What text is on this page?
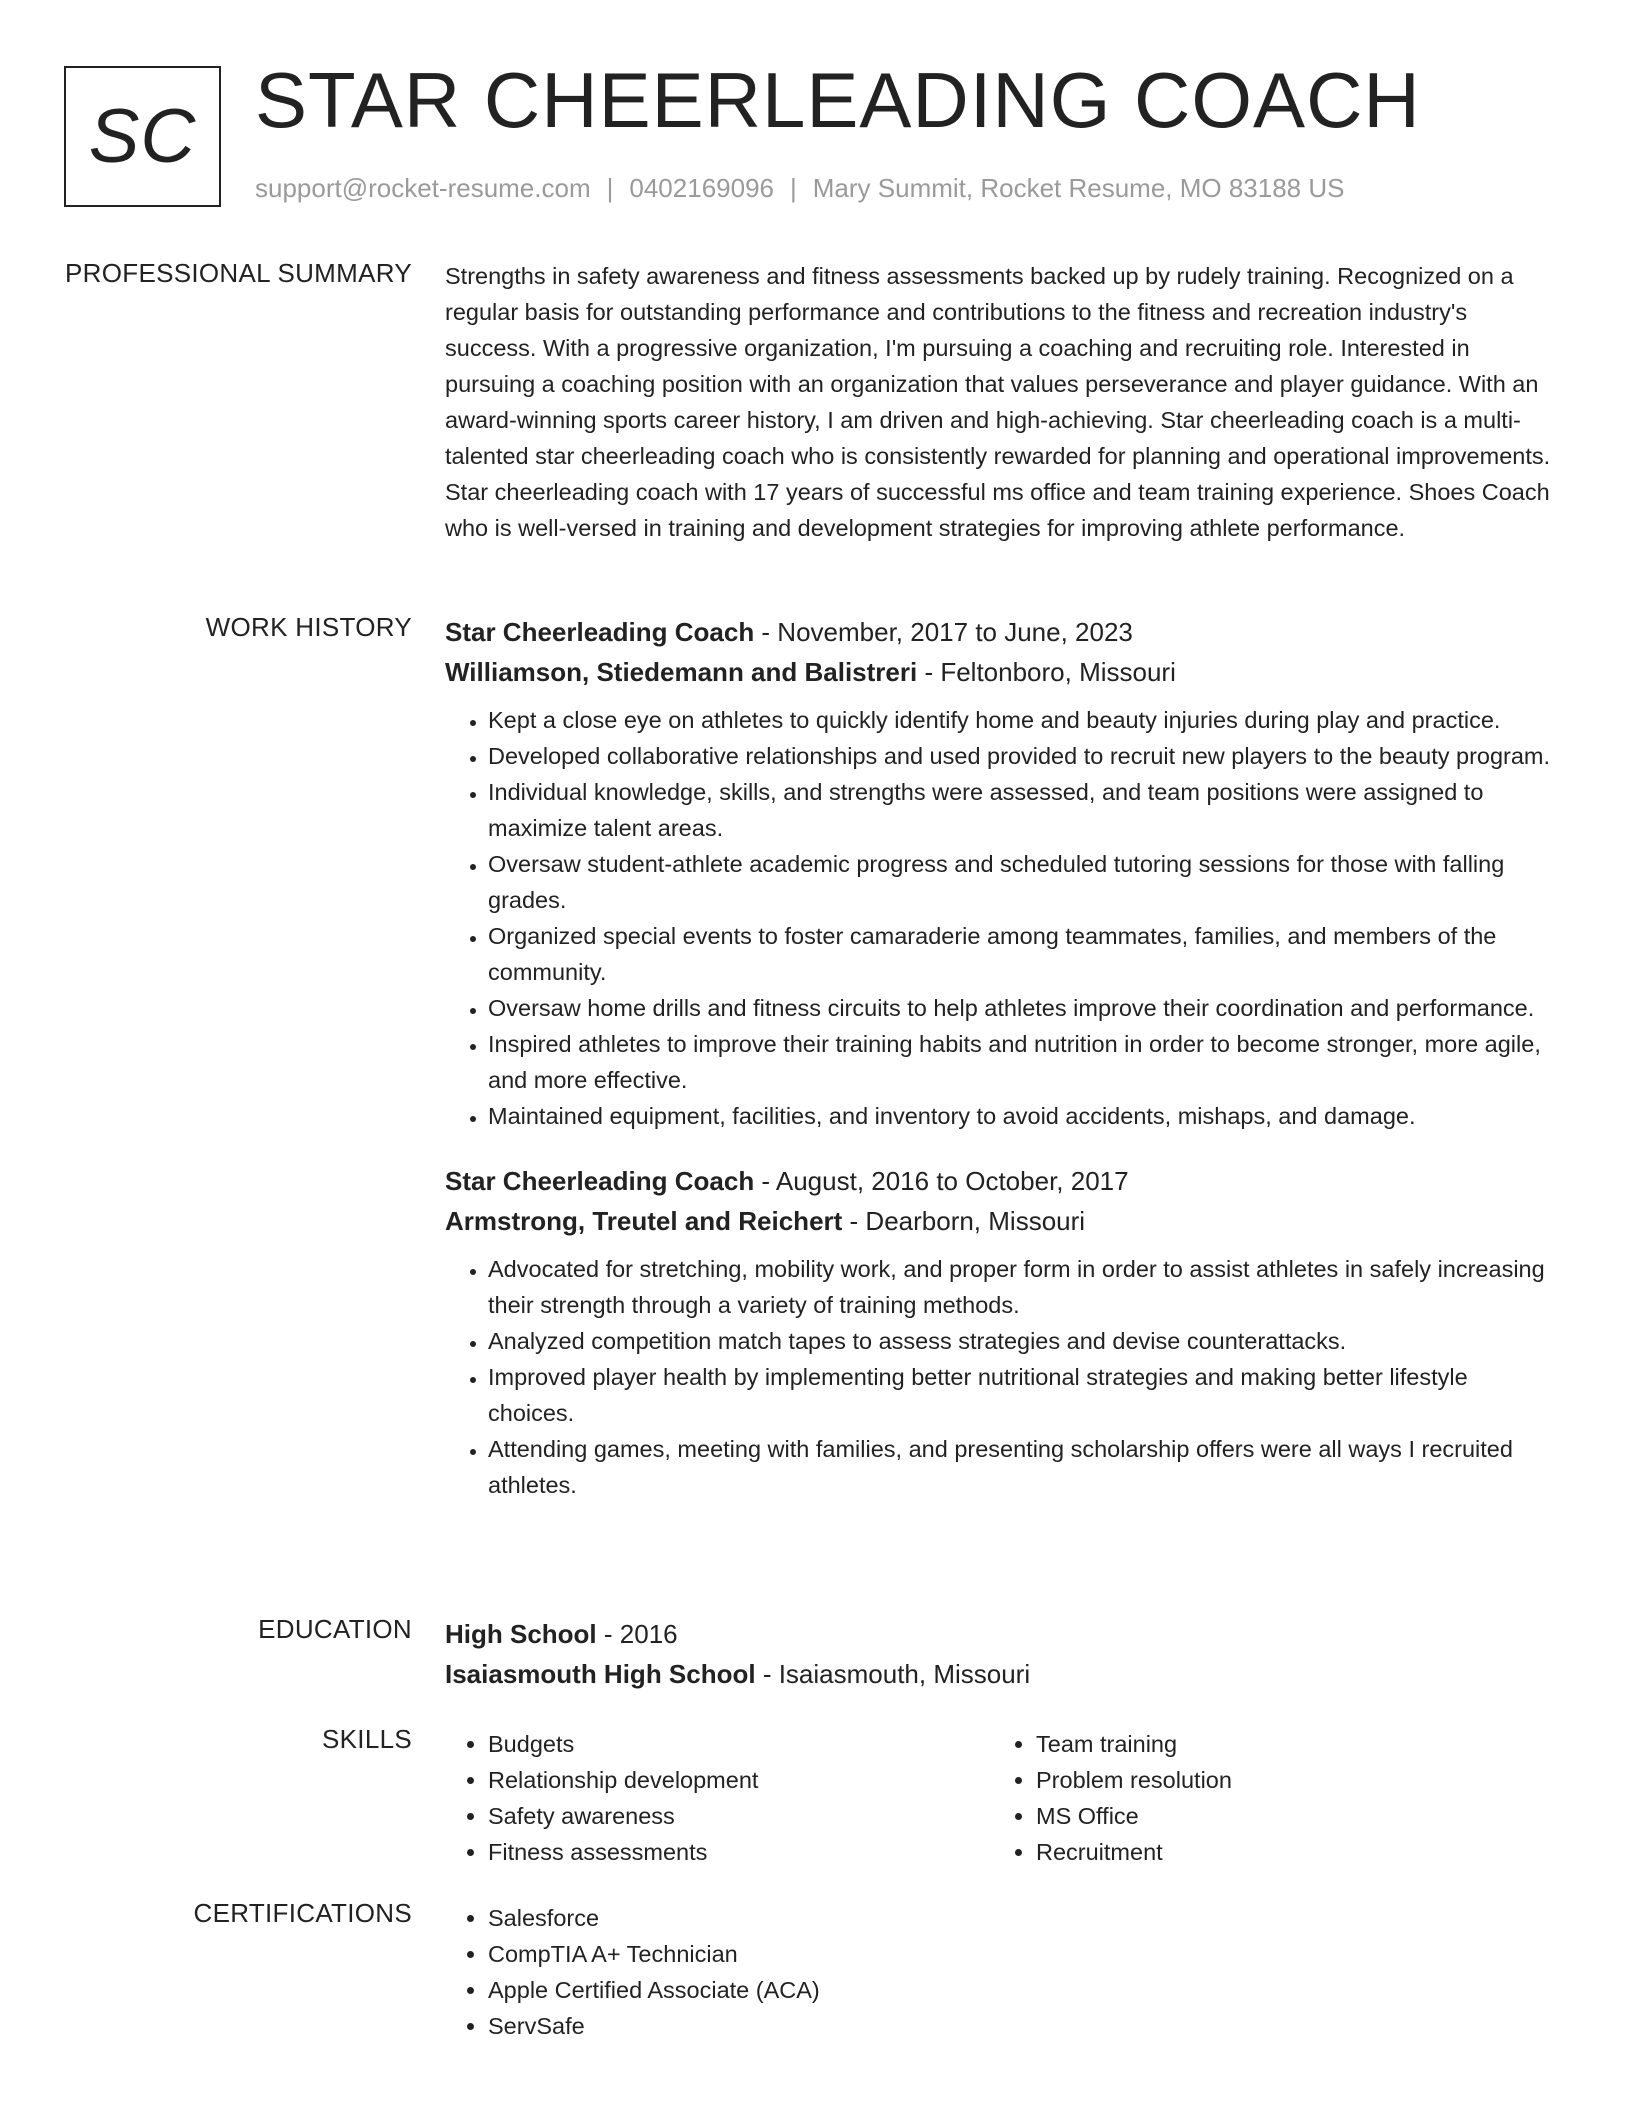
SC STAR CHEERLEADING COACH
support@rocket-resume.com | 0402169096 | Mary Summit, Rocket Resume, MO 83188 US
PROFESSIONAL SUMMARY Strengths in safety awareness and fitness assessments backed up by rudely training. Recognized on a regular basis for outstanding performance and contributions to the fitness and recreation industry's success. With a progressive organization, I'm pursuing a coaching and recruiting role. Interested in pursuing a coaching position with an organization that values perseverance and player guidance. With an award-winning sports career history, I am driven and high-achieving. Star cheerleading coach is a multi-talented star cheerleading coach who is consistently rewarded for planning and operational improvements. Star cheerleading coach with 17 years of successful ms office and team training experience. Shoes Coach who is well-versed in training and development strategies for improving athlete performance.
WORK HISTORY Star Cheerleading Coach - November, 2017 to June, 2023
Williamson, Stiedemann and Balistreri - Feltonboro, Missouri
• Kept a close eye on athletes to quickly identify home and beauty injuries during play and practice.
• Developed collaborative relationships and used provided to recruit new players to the beauty program.
• Individual knowledge, skills, and strengths were assessed, and team positions were assigned to maximize talent areas.
• Oversaw student-athlete academic progress and scheduled tutoring sessions for those with falling grades.
• Organized special events to foster camaraderie among teammates, families, and members of the community.
• Oversaw home drills and fitness circuits to help athletes improve their coordination and performance.
• Inspired athletes to improve their training habits and nutrition in order to become stronger, more agile, and more effective.
• Maintained equipment, facilities, and inventory to avoid accidents, mishaps, and damage.
Star Cheerleading Coach - August, 2016 to October, 2017
Armstrong, Treutel and Reichert - Dearborn, Missouri
• Advocated for stretching, mobility work, and proper form in order to assist athletes in safely increasing their strength through a variety of training methods.
• Analyzed competition match tapes to assess strategies and devise counterattacks.
• Improved player health by implementing better nutritional strategies and making better lifestyle choices.
• Attending games, meeting with families, and presenting scholarship offers were all ways I recruited athletes.
EDUCATION High School - 2016
Isaiasmouth High School - Isaiasmouth, Missouri
SKILLS	• Budgets
• Relationship development
• Safety awareness
• Fitness assessments
• Team training
• Problem resolution
• MS Office
• Recruitment
CERTIFICATIONS	• Salesforce
• CompTIA A+ Technician
• Apple Certified Associate (ACA)
• ServSafe
